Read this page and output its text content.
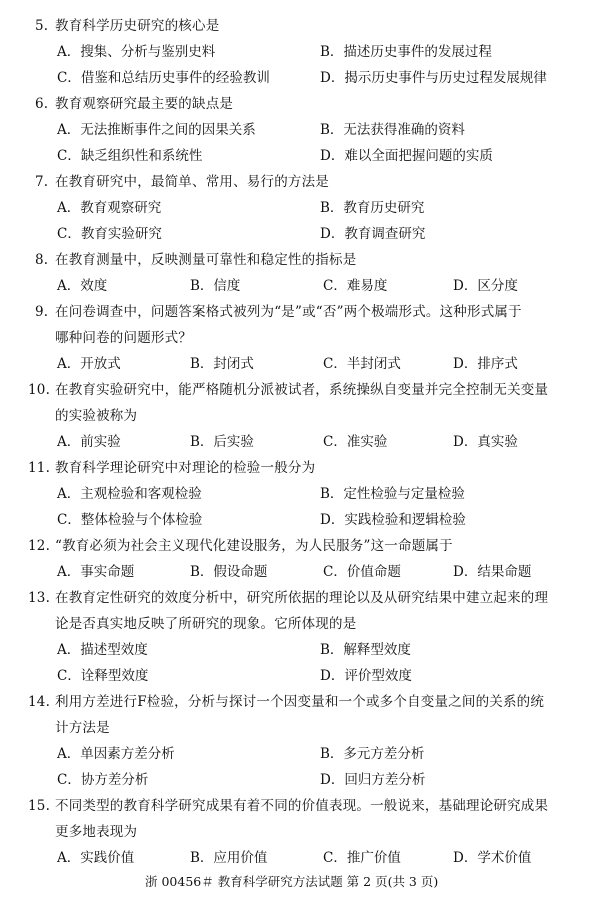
5. 教育科学历史研究的核心是
A．搜集、分析与鉴别史料	B．描述历史事件的发展过程
C．借鉴和总结历史事件的经验教训	D．揭示历史事件与历史过程发展规律
6. 教育观察研究最主要的缺点是
A．无法推断事件之间的因果关系	B．无法获得准确的资料
C．缺乏组织性和系统性	D．难以全面把握问题的实质
7. 在教育研究中，最简单、常用、易行的方法是
A．教育观察研究	B．教育历史研究
C．教育实验研究	D．教育调查研究
8. 在教育测量中，反映测量可靠性和稳定性的指标是
A．效度	B．信度	C．难易度	D．区分度
9. 在问卷调查中，问题答案格式被列为“是”或“否”两个极端形式。这种形式属于
哪种问卷的问题形式？
A．开放式	B．封闭式	C．半封闭式	D．排序式
10. 在教育实验研究中，能严格随机分派被试者，系统操纵自变量并完全控制无关变量
的实验被称为
A．前实验	B．后实验	C．准实验	D．真实验
11. 教育科学理论研究中对理论的检验一般分为
A．主观检验和客观检验	B．定性检验与定量检验
C．整体检验与个体检验	D．实践检验和逻辑检验
12. “教育必须为社会主义现代化建设服务，为人民服务”这一命题属于
A．事实命题	B．假设命题	C．价值命题	D．结果命题
13. 在教育定性研究的效度分析中，研究所依据的理论以及从研究结果中建立起来的理
论是否真实地反映了所研究的现象。它所体现的是
A．描述型效度	B．解释型效度
C．诠释型效度	D．评价型效度
14. 利用方差进行F检验，分析与探讨一个因变量和一个或多个自变量之间的关系的统
计方法是
A．单因素方差分析	B．多元方差分析
C．协方差分析	D．回归方差分析
15. 不同类型的教育科学研究成果有着不同的价值表现。一般说来，基础理论研究成果
更多地表现为
A．实践价值	B．应用价值	C．推广价值	D．学术价值
浙 00456＃ 教育科学研究方法试题 第 2 页(共 3 页)
